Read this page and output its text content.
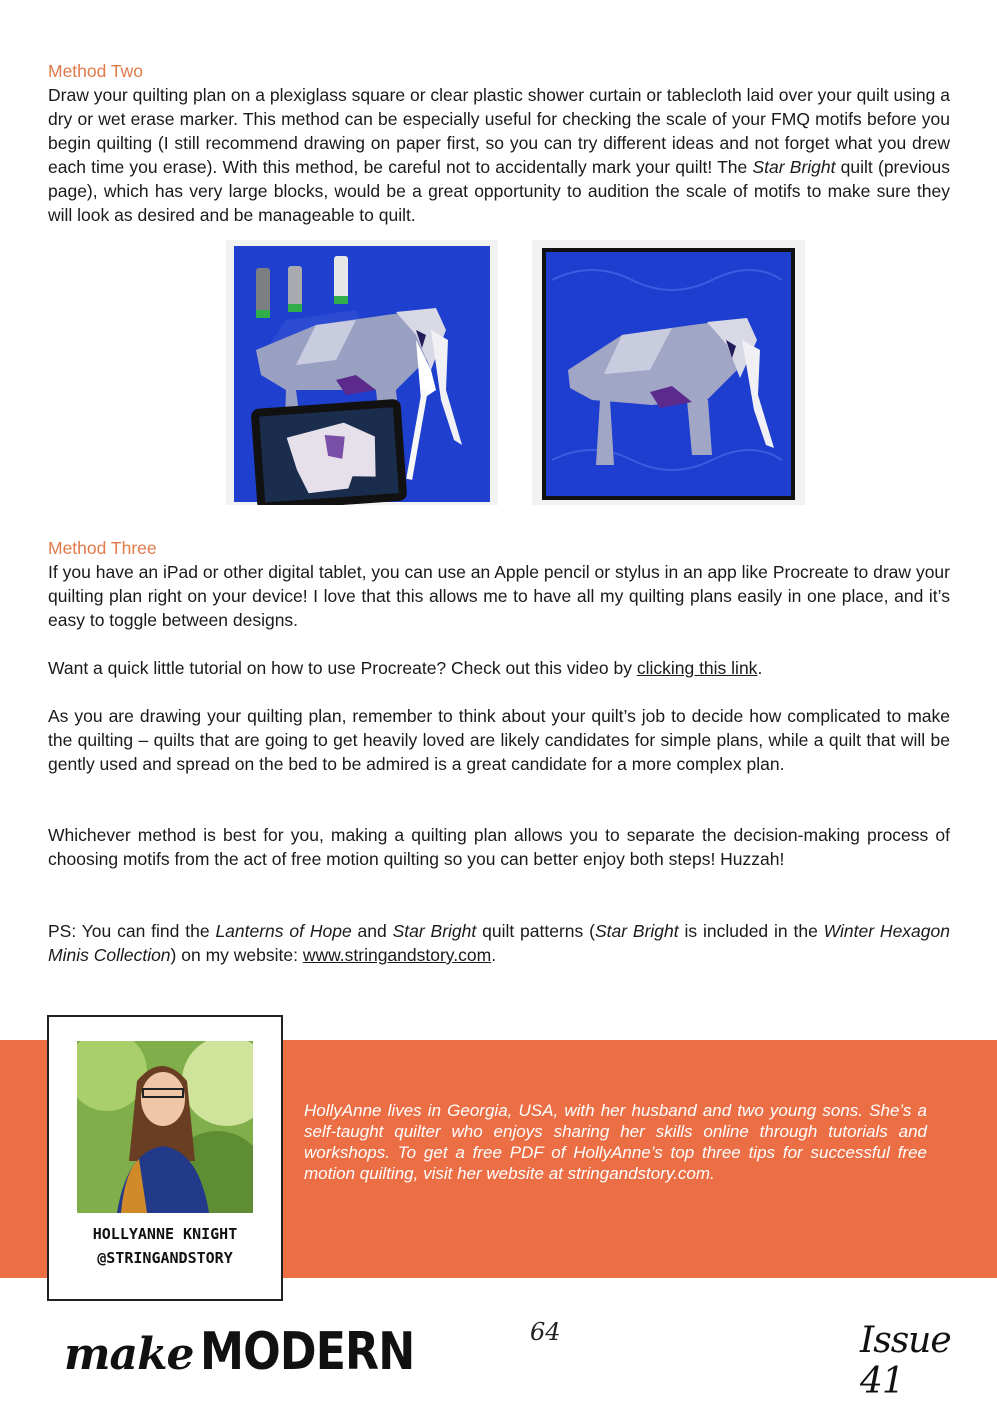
Method Two

Draw your quilting plan on a plexiglass square or clear plastic shower curtain or tablecloth laid over your quilt using a dry or wet erase marker. This method can be especially useful for checking the scale of your FMQ motifs before you begin quilting (I still recommend drawing on paper first, so you can try different ideas and not forget what you drew each time you erase). With this method, be careful not to accidentally mark your quilt! The Star Bright quilt (previous page), which has very large blocks, would be a great opportunity to audition the scale of motifs to make sure they will look as desired and be manageable to quilt.

Method Three

If you have an iPad or other digital tablet, you can use an Apple pencil or stylus in an app like Procreate to draw your quilting plan right on your device! I love that this allows me to have all my quilting plans easily in one place, and it’s easy to toggle between designs.

Want a quick little tutorial on how to use Procreate? Check out this video by clicking this link.

As you are drawing your quilting plan, remember to think about your quilt’s job to decide how complicated to make the quilting – quilts that are going to get heavily loved are likely candidates for simple plans, while a quilt that will be gently used and spread on the bed to be admired is a great candidate for a more complex plan.

Whichever method is best for you, making a quilting plan allows you to separate the decision-making process of choosing motifs from the act of free motion quilting so you can better enjoy both steps! Huzzah!

PS: You can find the Lanterns of Hope and Star Bright quilt patterns (Star Bright is included in the Winter Hexagon Minis Collection) on my website: www.stringandstory.com.

HollyAnne lives in Georgia, USA, with her husband and two young sons. She’s a self-taught quilter who enjoys sharing her skills online through tutorials and workshops. To get a free PDF of HollyAnne’s top three tips for successful free motion quilting, visit her website at stringandstory.com.

HOLLYANNE KNIGHT
@STRINGANDSTORY
make MODERN	64	Issue 41
